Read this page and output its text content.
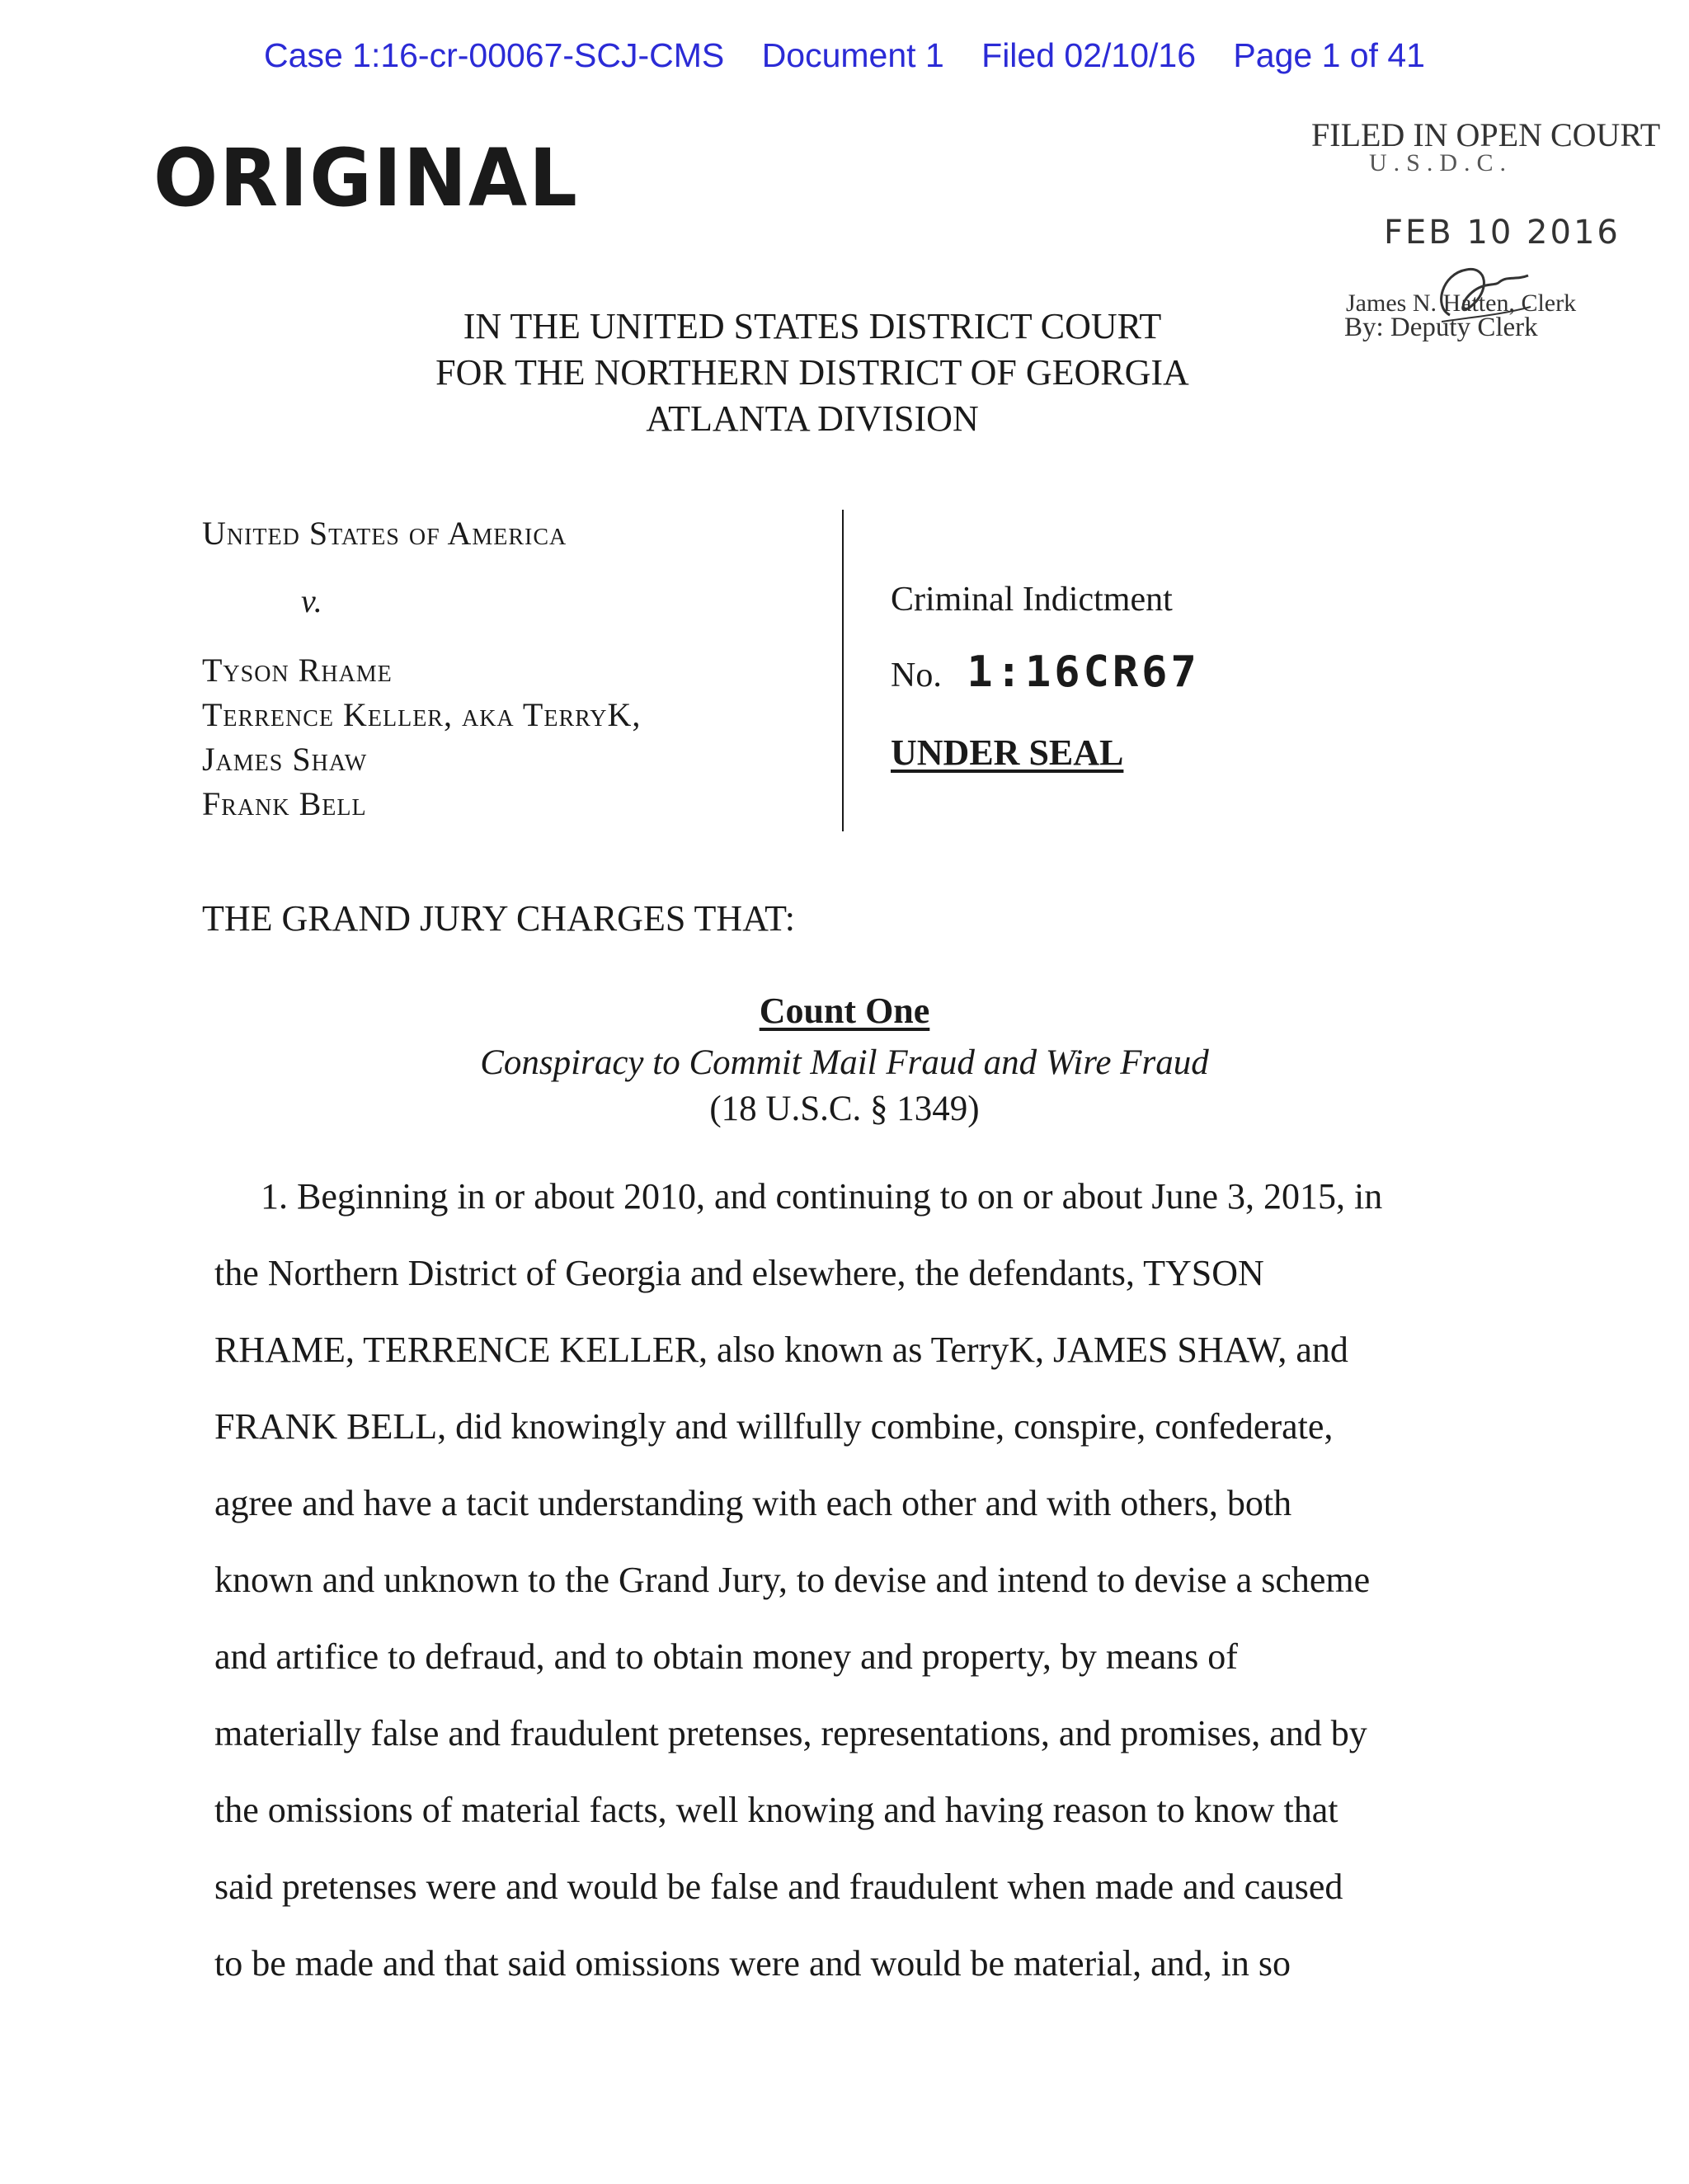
Case 1:16-cr-00067-SCJ-CMS Document 1 Filed 02/10/16 Page 1 of 41
ORIGINAL	FILED IN OPEN COURT
U.S.D.C.
FEB 10 2016
James N. Hatten, Clerk
By: Deputy Clerk
IN THE UNITED STATES DISTRICT COURT
FOR THE NORTHERN DISTRICT OF GEORGIA
ATLANTA DIVISION
United States of America
v.
Tyson Rhame
Terrence Keller, aka TerryK,
James Shaw
Frank Bell
Criminal Indictment
No. 1:16CR67
UNDER SEAL
THE GRAND JURY CHARGES THAT:
Count One
Conspiracy to Commit Mail Fraud and Wire Fraud
(18 U.S.C. § 1349)
1. Beginning in or about 2010, and continuing to on or about June 3, 2015, in
the Northern District of Georgia and elsewhere, the defendants, TYSON
RHAME, TERRENCE KELLER, also known as TerryK, JAMES SHAW, and
FRANK BELL, did knowingly and willfully combine, conspire, confederate,
agree and have a tacit understanding with each other and with others, both
known and unknown to the Grand Jury, to devise and intend to devise a scheme
and artifice to defraud, and to obtain money and property, by means of
materially false and fraudulent pretenses, representations, and promises, and by
the omissions of material facts, well knowing and having reason to know that
said pretenses were and would be false and fraudulent when made and caused
to be made and that said omissions were and would be material, and, in so
